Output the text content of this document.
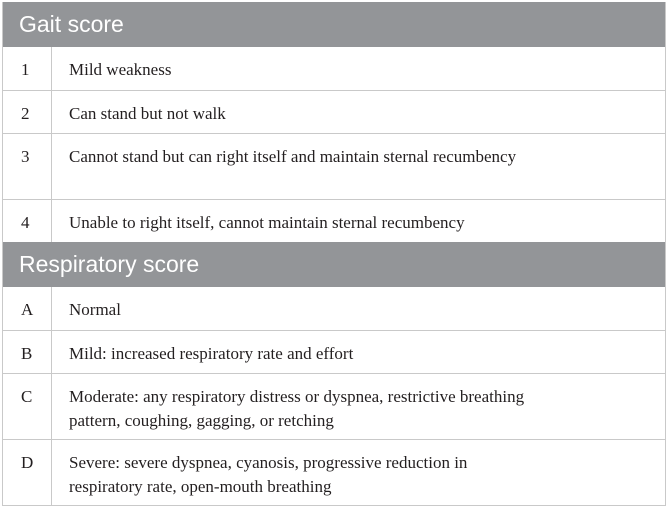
Gait score
1	Mild weakness
2	Can stand but not walk
3	Cannot stand but can right itself and maintain sternal recumbency
4	Unable to right itself, cannot maintain sternal recumbency
Respiratory score
A	Normal
B	Mild: increased respiratory rate and effort
C	Moderate: any respiratory distress or dyspnea, restrictive breathing pattern, coughing, gagging, or retching
D	Severe: severe dyspnea, cyanosis, progressive reduction in respiratory rate, open-mouth breathing
